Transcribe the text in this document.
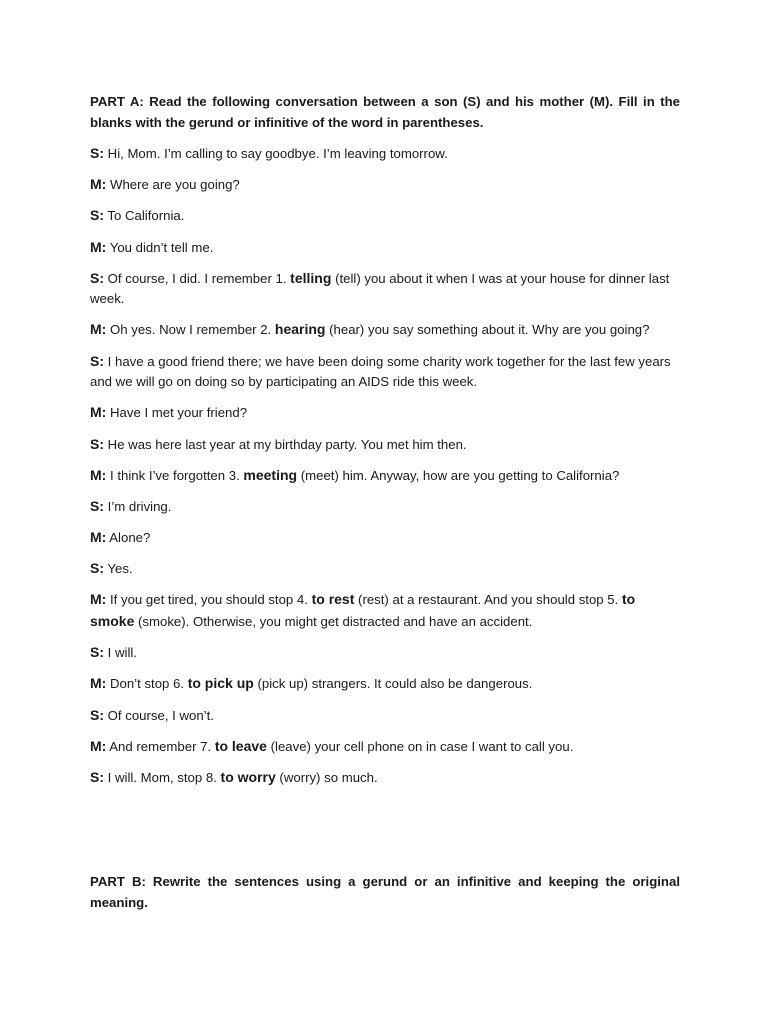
PART A: Read the following conversation between a son (S) and his mother (M). Fill in the blanks with the gerund or infinitive of the word in parentheses.

S: Hi, Mom. I’m calling to say goodbye. I’m leaving tomorrow.

M: Where are you going?

S: To California.

M: You didn’t tell me.

S: Of course, I did. I remember 1. telling (tell) you about it when I was at your house for dinner last week.

M: Oh yes. Now I remember 2. hearing (hear) you say something about it. Why are you going?

S: I have a good friend there; we have been doing some charity work together for the last few years and we will go on doing so by participating an AIDS ride this week.

M: Have I met your friend?

S: He was here last year at my birthday party. You met him then.

M: I think I’ve forgotten 3. meeting (meet) him. Anyway, how are you getting to California?

S: I’m driving.

M: Alone?

S: Yes.

M: If you get tired, you should stop 4. to rest (rest) at a restaurant. And you should stop 5. to smoke (smoke). Otherwise, you might get distracted and have an accident.

S: I will.

M: Don’t stop 6. to pick up (pick up) strangers. It could also be dangerous.

S: Of course, I won’t.

M: And remember 7. to leave (leave) your cell phone on in case I want to call you.

S: I will. Mom, stop 8. to worry (worry) so much.

PART B: Rewrite the sentences using a gerund or an infinitive and keeping the original meaning.
